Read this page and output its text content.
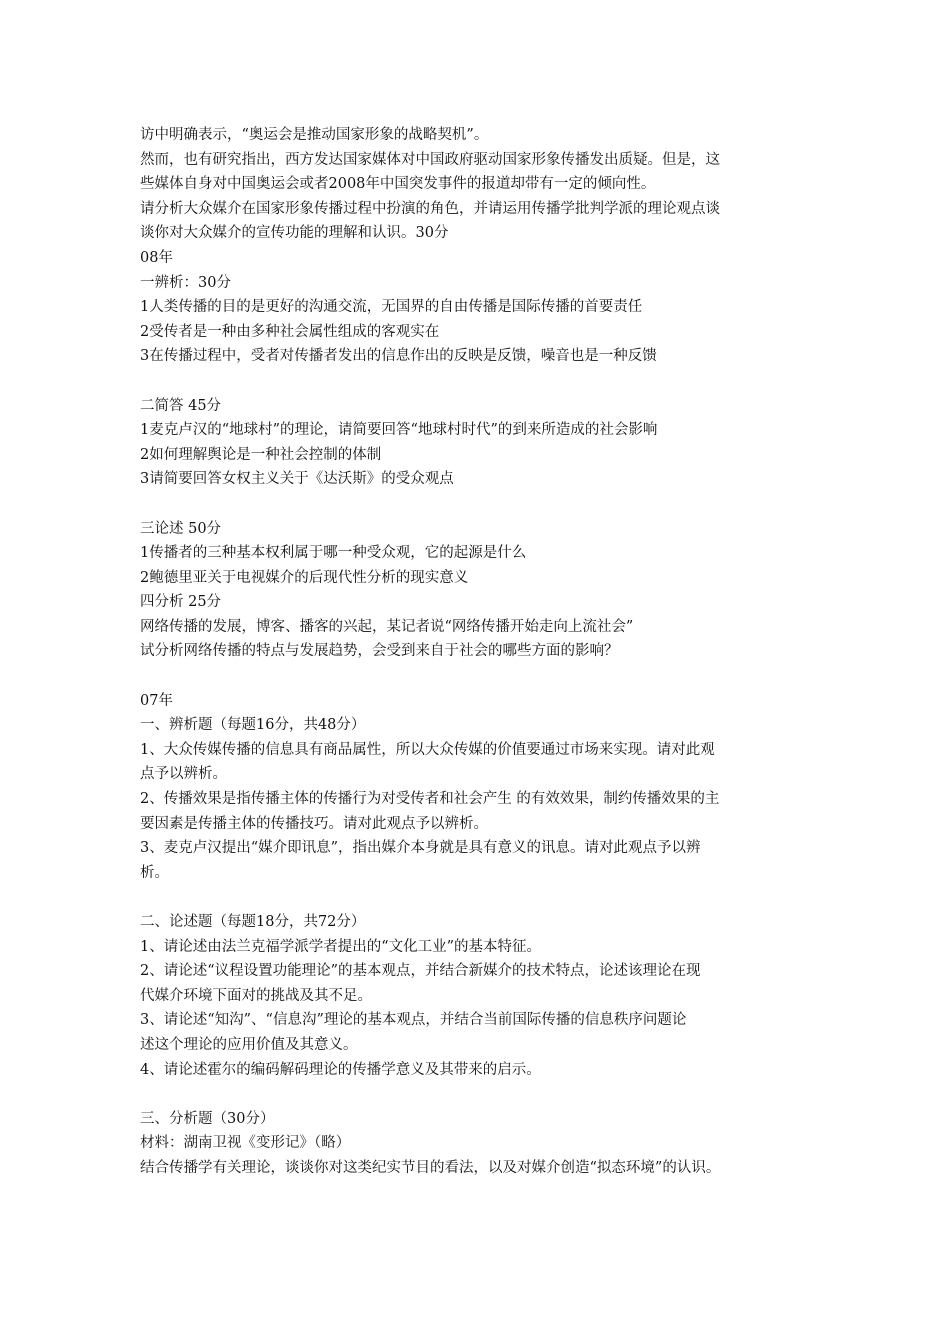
访中明确表示，“奥运会是推动国家形象的战略契机”。
然而，也有研究指出，西方发达国家媒体对中国政府驱动国家形象传播发出质疑。但是，这
些媒体自身对中国奥运会或者2008年中国突发事件的报道却带有一定的倾向性。
请分析大众媒介在国家形象传播过程中扮演的角色，并请运用传播学批判学派的理论观点谈
谈你对大众媒介的宣传功能的理解和认识。30分
08年
一辨析：30分
1人类传播的目的是更好的沟通交流，无国界的自由传播是国际传播的首要责任
2受传者是一种由多种社会属性组成的客观实在
3在传播过程中，受者对传播者发出的信息作出的反映是反馈，噪音也是一种反馈
二简答 45分
1麦克卢汉的“地球村”的理论，请简要回答“地球村时代”的到来所造成的社会影响
2如何理解舆论是一种社会控制的体制
3请简要回答女权主义关于《达沃斯》的受众观点
三论述 50分
1传播者的三种基本权利属于哪一种受众观，它的起源是什么
2鲍德里亚关于电视媒介的后现代性分析的现实意义
四分析 25分
网络传播的发展，博客、播客的兴起，某记者说“网络传播开始走向上流社会”
试分析网络传播的特点与发展趋势，会受到来自于社会的哪些方面的影响？
07年
一、辨析题（每题16分，共48分）
1、大众传媒传播的信息具有商品属性，所以大众传媒的价值要通过市场来实现。请对此观
点予以辨析。
2、传播效果是指传播主体的传播行为对受传者和社会产生 的有效效果，制约传播效果的主
要因素是传播主体的传播技巧。请对此观点予以辨析。
3、麦克卢汉提出“媒介即讯息”，指出媒介本身就是具有意义的讯息。请对此观点予以辨
析。
二、论述题（每题18分，共72分）
1、请论述由法兰克福学派学者提出的“文化工业”的基本特征。
2、请论述“议程设置功能理论”的基本观点，并结合新媒介的技术特点，论述该理论在现
代媒介环境下面对的挑战及其不足。
3、请论述“知沟”、“信息沟”理论的基本观点，并结合当前国际传播的信息秩序问题论
述这个理论的应用价值及其意义。
4、请论述霍尔的编码解码理论的传播学意义及其带来的启示。
三、分析题（30分）
材料：湖南卫视《变形记》（略）
结合传播学有关理论，谈谈你对这类纪实节目的看法，以及对媒介创造“拟态环境”的认识。
